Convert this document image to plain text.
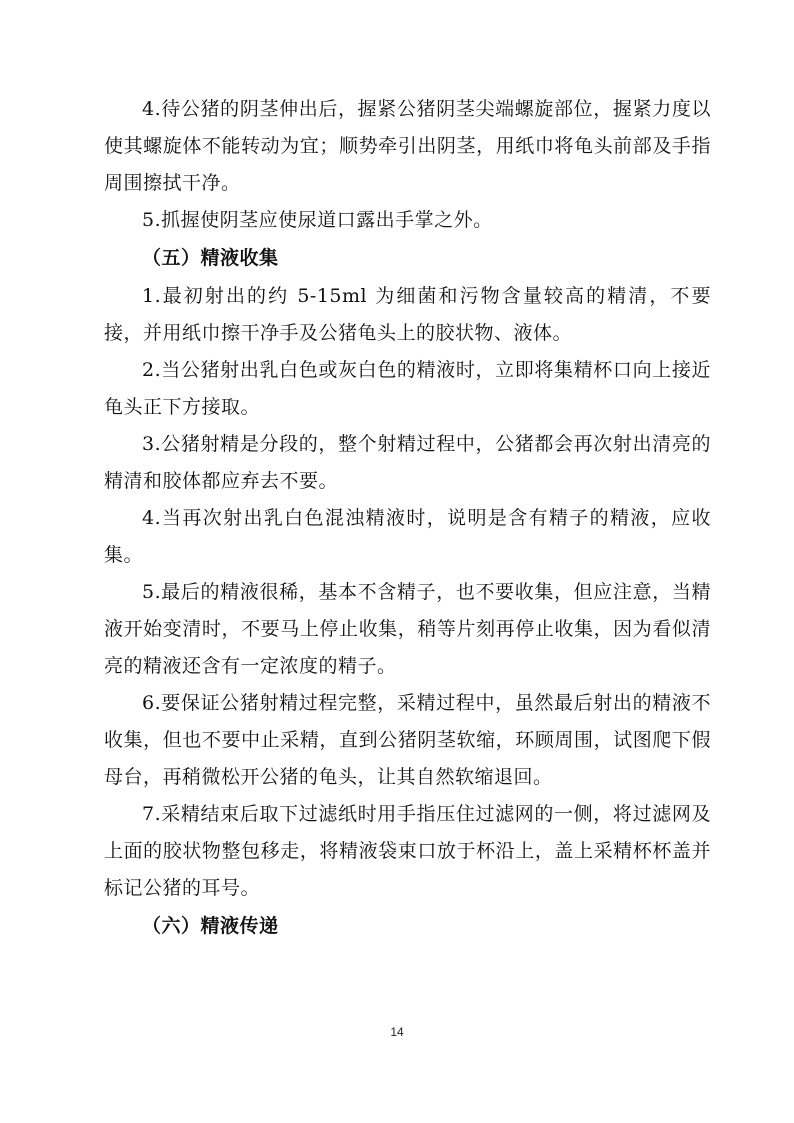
4.待公猪的阴茎伸出后，握紧公猪阴茎尖端螺旋部位，握紧力度以使其螺旋体不能转动为宜；顺势牵引出阴茎，用纸巾将龟头前部及手指周围擦拭干净。

5.抓握使阴茎应使尿道口露出手掌之外。

（五）精液收集

1.最初射出的约 5-15ml 为细菌和污物含量较高的精清，不要接，并用纸巾擦干净手及公猪龟头上的胶状物、液体。

2.当公猪射出乳白色或灰白色的精液时，立即将集精杯口向上接近龟头正下方接取。

3.公猪射精是分段的，整个射精过程中，公猪都会再次射出清亮的精清和胶体都应弃去不要。

4.当再次射出乳白色混浊精液时，说明是含有精子的精液，应收集。

5.最后的精液很稀，基本不含精子，也不要收集，但应注意，当精液开始变清时，不要马上停止收集，稍等片刻再停止收集，因为看似清亮的精液还含有一定浓度的精子。

6.要保证公猪射精过程完整，采精过程中，虽然最后射出的精液不收集，但也不要中止采精，直到公猪阴茎软缩，环顾周围，试图爬下假母台，再稍微松开公猪的龟头，让其自然软缩退回。

7.采精结束后取下过滤纸时用手指压住过滤网的一侧，将过滤网及上面的胶状物整包移走，将精液袋束口放于杯沿上，盖上采精杯杯盖并标记公猪的耳号。

（六）精液传递
14
